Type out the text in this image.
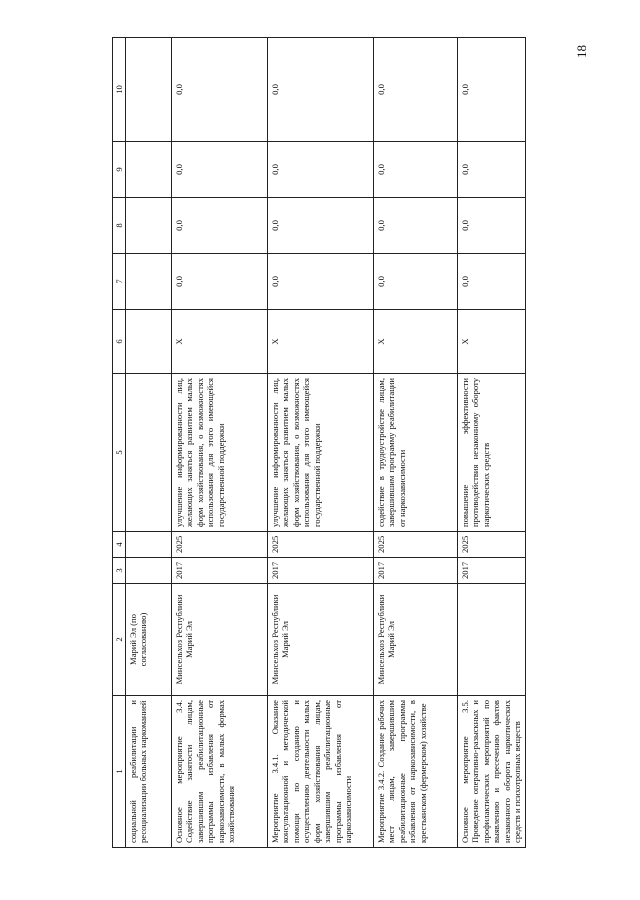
18
1	2	3	4	5	6	7	8	9	10
социальной реабилитации и ресоциализации больных наркоманией	Марий Эл (по согласованию)								
Основное мероприятие 3.4. Содействие занятости лицам, завершившим реабилитационные программы избавления от наркозависимости, в малых формах хозяйствования	Минсельхоз Республики Марий Эл	2017	2025	улучшение информированности лиц, желающих заняться развитием малых форм хозяйствования, о возможностях использования для этого имеющейся государственной поддержки	X	0,0	0,0	0,0	0,0
Мероприятие 3.4.1. Оказание консультационной и методической помощи по созданию и осуществлению деятельности малых форм хозяйствования лицам, завершившим реабилитационные программы избавления от наркозависимости	Минсельхоз Республики Марий Эл	2017	2025	улучшение информированности лиц, желающих заняться развитием малых форм хозяйствования, о возможностях использования для этого имеющейся государственной поддержки	X	0,0	0,0	0,0	0,0
Мероприятие 3.4.2. Создание рабочих мест лицам, завершившим реабилитационные программы избавления от наркозависимости, в крестьянском (фермерском) хозяйстве	Минсельхоз Республики Марий Эл	2017	2025	содействие в трудоустройстве лицам, завершившим программу реабилитации от наркозависимости	X	0,0	0,0	0,0	0,0
Основное мероприятие 3.5. Проведение оперативно-разыскных и профилактических мероприятий по выявлению и пресечению фактов незаконного оборота наркотических средств и психотропных веществ		2017	2025	повышение эффективности противодействия незаконному обороту наркотических средств	X	0,0	0,0	0,0	0,0
